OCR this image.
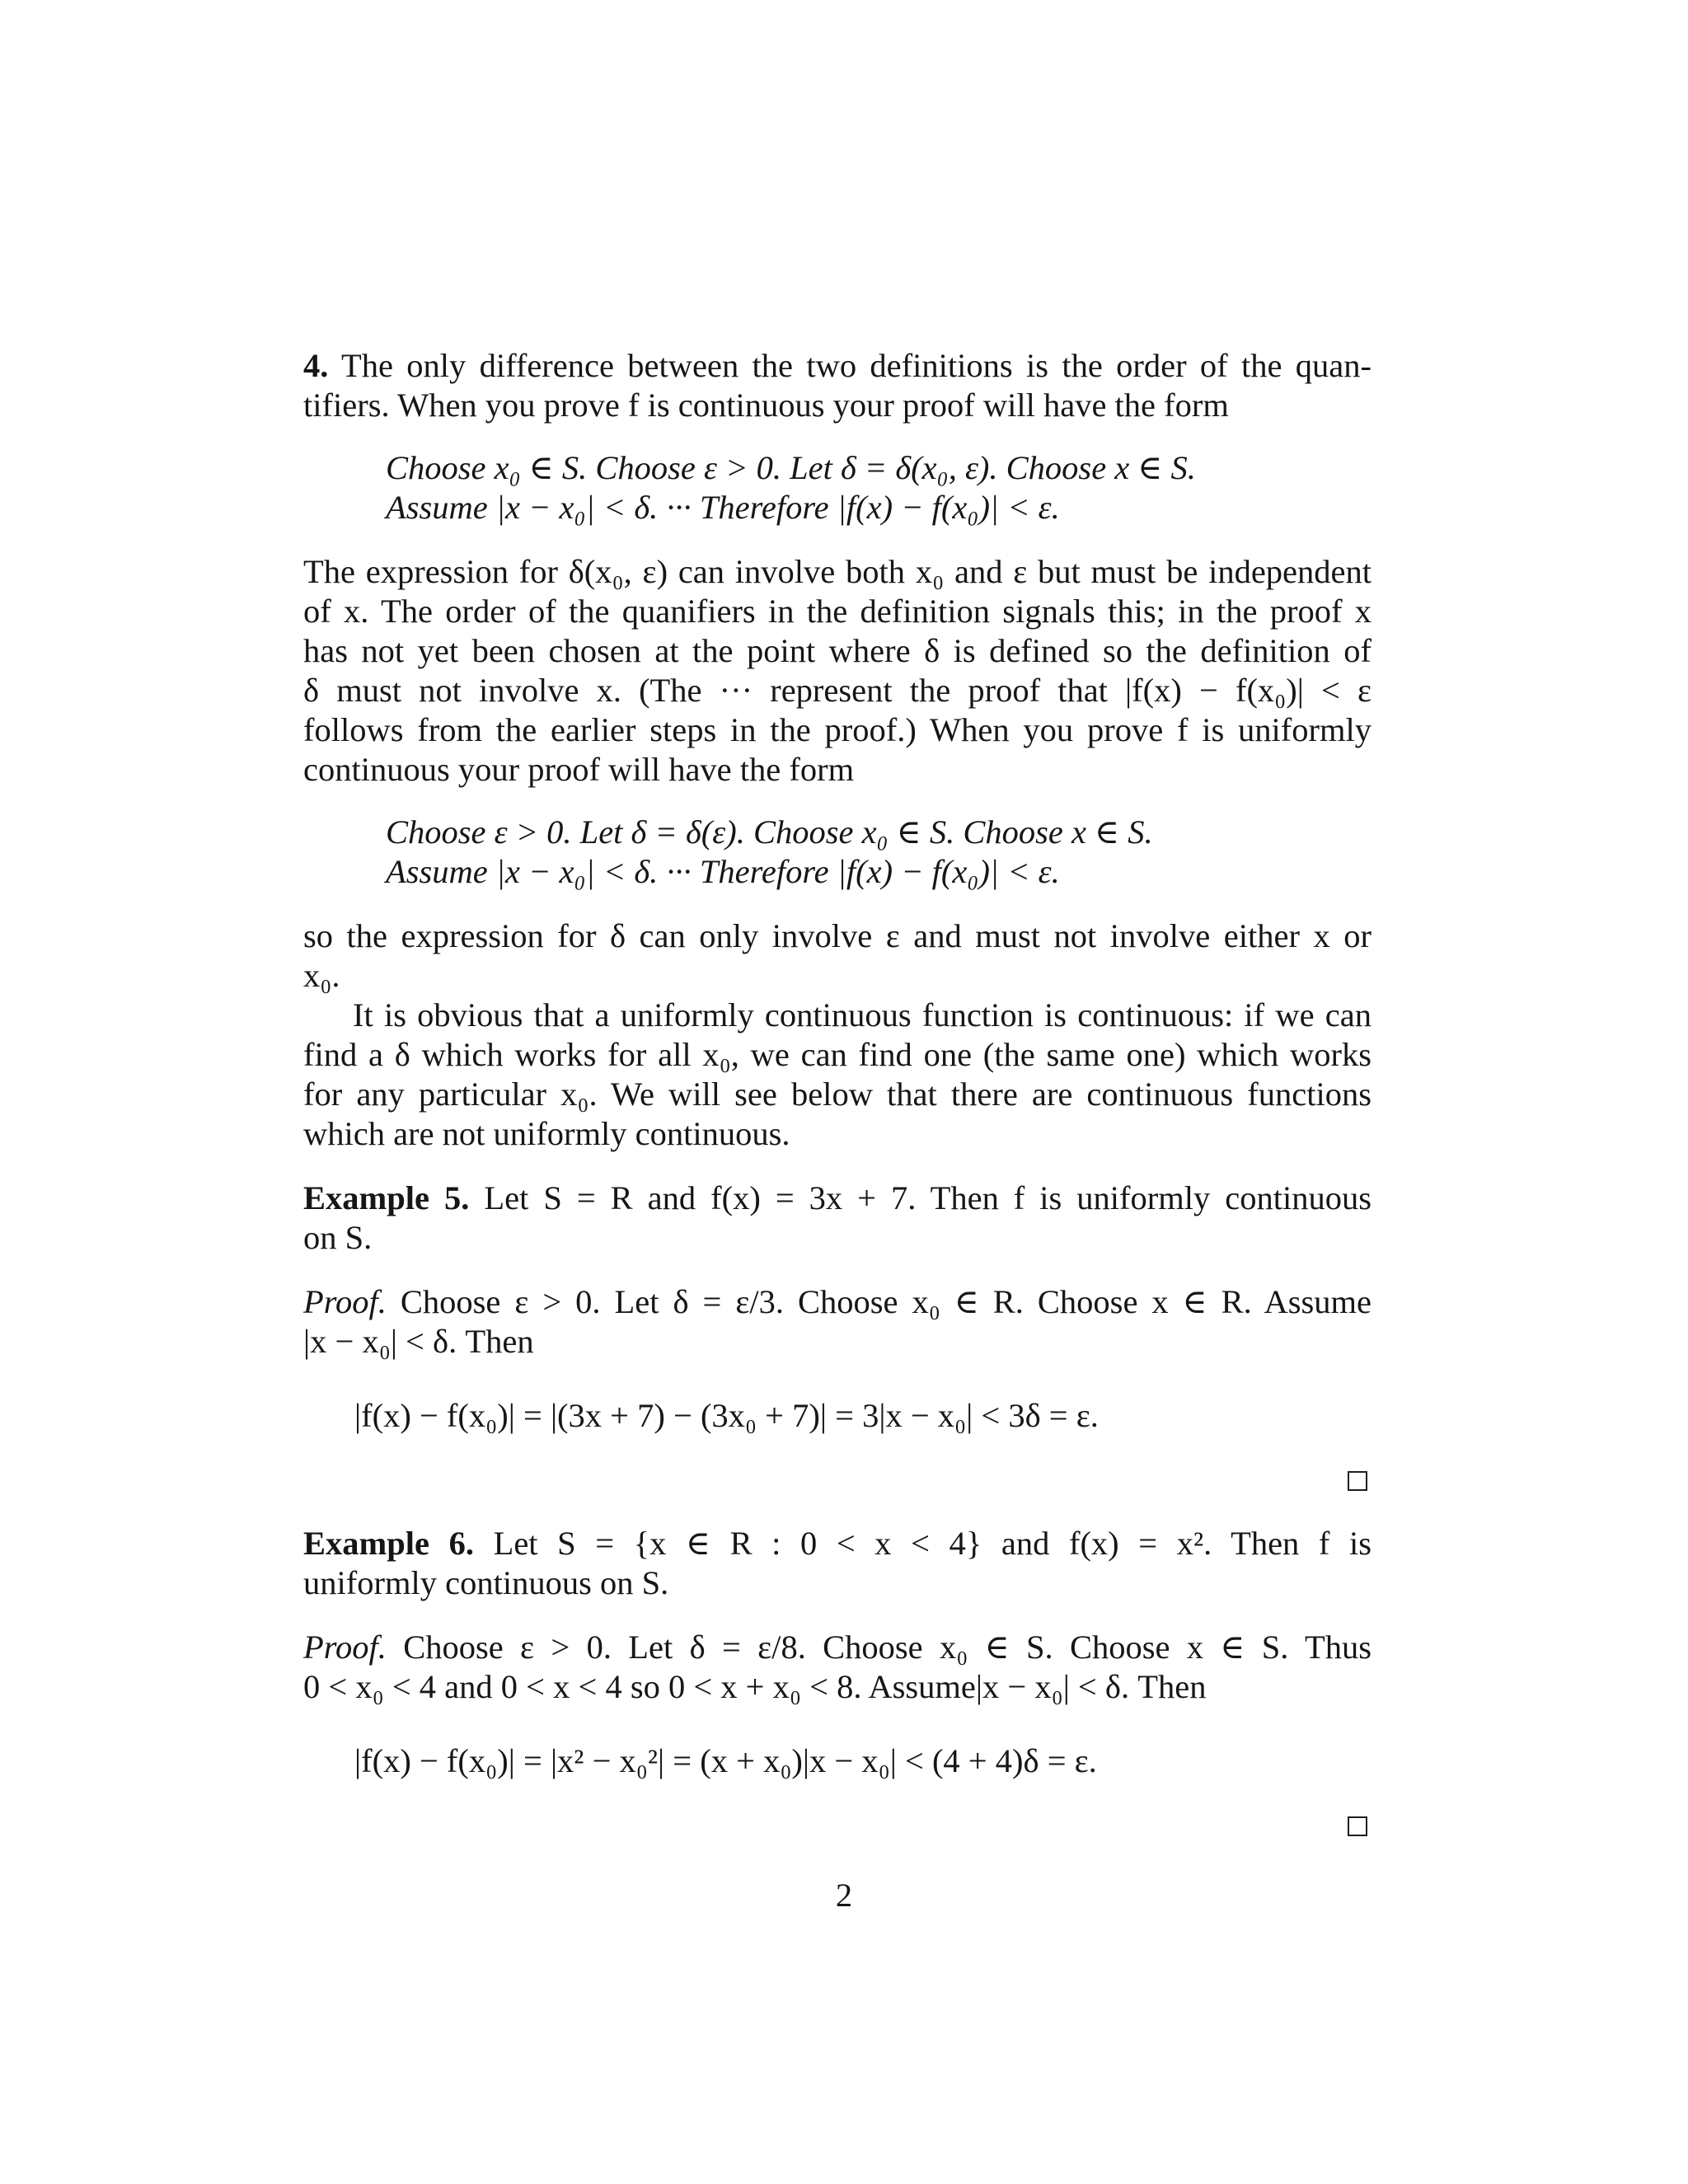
4. The only difference between the two definitions is the order of the quan-
tifiers. When you prove f is continuous your proof will have the form
Choose x₀ ∈ S. Choose ε > 0. Let δ = δ(x₀, ε). Choose x ∈ S.
Assume |x − x₀| < δ. ··· Therefore |f(x) − f(x₀)| < ε.
The expression for δ(x₀, ε) can involve both x₀ and ε but must be independent
of x. The order of the quanifiers in the definition signals this; in the proof x
has not yet been chosen at the point where δ is defined so the definition of
δ must not involve x. (The ··· represent the proof that |f(x) − f(x₀)| < ε
follows from the earlier steps in the proof.) When you prove f is uniformly
continuous your proof will have the form
Choose ε > 0. Let δ = δ(ε). Choose x₀ ∈ S. Choose x ∈ S.
Assume |x − x₀| < δ. ··· Therefore |f(x) − f(x₀)| < ε.
so the expression for δ can only involve ε and must not involve either x or
x₀.
It is obvious that a uniformly continuous function is continuous: if we can
find a δ which works for all x₀, we can find one (the same one) which works
for any particular x₀. We will see below that there are continuous functions
which are not uniformly continuous.
Example 5. Let S = R and f(x) = 3x + 7. Then f is uniformly continuous
on S.
Proof. Choose ε > 0. Let δ = ε/3. Choose x₀ ∈ R. Choose x ∈ R. Assume
|x − x₀| < δ. Then
|f(x) − f(x₀)| = |(3x + 7) − (3x₀ + 7)| = 3|x − x₀| < 3δ = ε.
Example 6. Let S = {x ∈ R : 0 < x < 4} and f(x) = x². Then f is
uniformly continuous on S.
Proof. Choose ε > 0. Let δ = ε/8. Choose x₀ ∈ S. Choose x ∈ S. Thus
0 < x₀ < 4 and 0 < x < 4 so 0 < x + x₀ < 8. Assume|x − x₀| < δ. Then
|f(x) − f(x₀)| = |x² − x₀²| = (x + x₀)|x − x₀| < (4 + 4)δ = ε.
2
